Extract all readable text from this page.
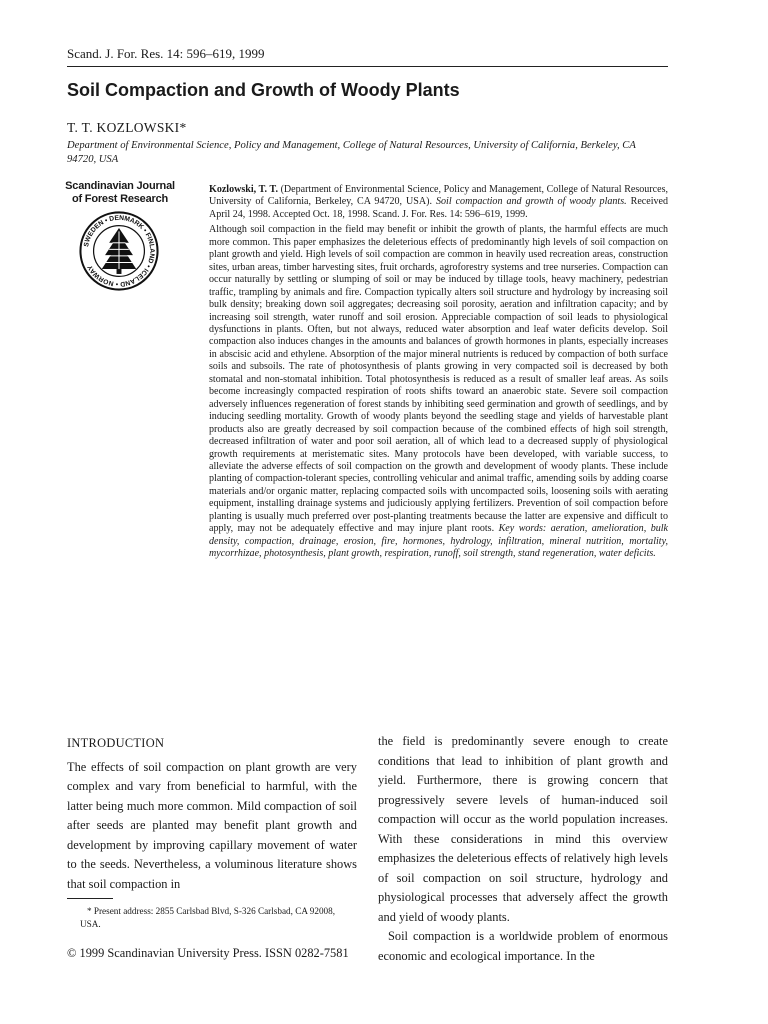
Scand. J. For. Res. 14: 596–619, 1999
Soil Compaction and Growth of Woody Plants
T. T. KOZLOWSKI*
Department of Environmental Science, Policy and Management, College of Natural Resources, University of California, Berkeley, CA 94720, USA
Scandinavian Journal
of Forest Research
SWEDEN • DENMARK • FINLAND • ICELAND • NORWAY

Kozlowski, T. T. (Department of Environmental Science, Policy and Management, College of Natural Resources, University of California, Berkeley, CA 94720, USA). Soil compaction and growth of woody plants. Received April 24, 1998. Accepted Oct. 18, 1998. Scand. J. For. Res. 14: 596–619, 1999.

Although soil compaction in the field may benefit or inhibit the growth of plants, the harmful effects are much more common. This paper emphasizes the deleterious effects of predominantly high levels of soil compaction on plant growth and yield. High levels of soil compaction are common in heavily used recreation areas, construction sites, urban areas, timber harvesting sites, fruit orchards, agroforestry systems and tree nurseries. Compaction can occur naturally by settling or slumping of soil or may be induced by tillage tools, heavy machinery, pedestrian traffic, trampling by animals and fire. Compaction typically alters soil structure and hydrology by increasing soil bulk density; breaking down soil aggregates; decreasing soil porosity, aeration and infiltration capacity; and by increasing soil strength, water runoff and soil erosion. Appreciable compaction of soil leads to physiological dysfunctions in plants. Often, but not always, reduced water absorption and leaf water deficits develop. Soil compaction also induces changes in the amounts and balances of growth hormones in plants, especially increases in abscisic acid and ethylene. Absorption of the major mineral nutrients is reduced by compaction of both surface soils and subsoils. The rate of photosynthesis of plants growing in very compacted soil is decreased by both stomatal and non-stomatal inhibition. Total photosynthesis is reduced as a result of smaller leaf areas. As soils become increasingly compacted respiration of roots shifts toward an anaerobic state. Severe soil compaction adversely influences regeneration of forest stands by inhibiting seed germination and growth of seedlings, and by inducing seedling mortality. Growth of woody plants beyond the seedling stage and yields of harvestable plant products also are greatly decreased by soil compaction because of the combined effects of high soil strength, decreased infiltration of water and poor soil aeration, all of which lead to a decreased supply of physiological growth requirements at meristematic sites. Many protocols have been developed, with variable success, to alleviate the adverse effects of soil compaction on the growth and development of woody plants. These include planting of compaction-tolerant species, controlling vehicular and animal traffic, amending soils by adding coarse materials and/or organic matter, replacing compacted soils with uncompacted soils, loosening soils with aerating equipment, installing drainage systems and judiciously applying fertilizers. Prevention of soil compaction before planting is usually much preferred over post-planting treatments because the latter are expensive and difficult to apply, may not be adequately effective and may injure plant roots. Key words: aeration, amelioration, bulk density, compaction, drainage, erosion, fire, hormones, hydrology, infiltration, mineral nutrition, mortality, mycorrhizae, photosynthesis, plant growth, respiration, runoff, soil strength, stand regeneration, water deficits.

INTRODUCTION

The effects of soil compaction on plant growth are very complex and vary from beneficial to harmful, with the latter being much more common. Mild compaction of soil after seeds are planted may benefit plant growth and development by improving capillary movement of water to the seeds. Nevertheless, a voluminous literature shows that soil compaction in

the field is predominantly severe enough to create conditions that lead to inhibition of plant growth and yield. Furthermore, there is growing concern that progressively severe levels of human-induced soil compaction will occur as the world population increases. With these considerations in mind this overview emphasizes the deleterious effects of relatively high levels of soil compaction on soil structure, hydrology and physiological processes that adversely affect the growth and yield of woody plants.

Soil compaction is a worldwide problem of enormous economic and ecological importance. In the

* Present address: 2855 Carlsbad Blvd, S-326 Carlsbad, CA 92008, USA.
© 1999 Scandinavian University Press. ISSN 0282-7581
